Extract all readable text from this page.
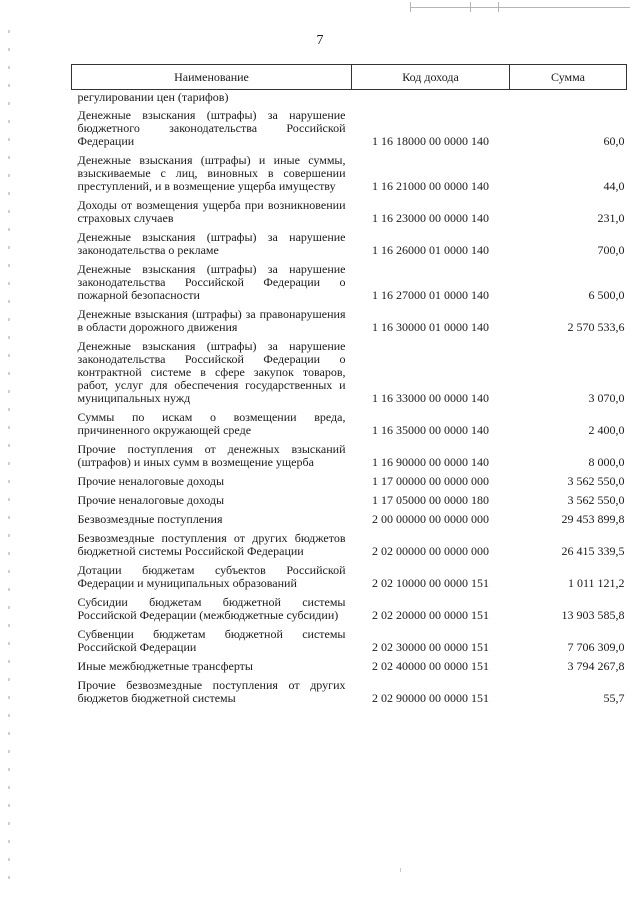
7
Наименование	Код дохода	Сумма
регулировании цен (тарифов)		
Денежные взыскания (штрафы) за нарушение бюджетного законодательства Российской Федерации	1 16 18000 00 0000 140	60,0
Денежные взыскания (штрафы) и иные суммы, взыскиваемые с лиц, виновных в совершении преступлений, и в возмещение ущерба имуществу	1 16 21000 00 0000 140	44,0
Доходы от возмещения ущерба при возникновении страховых случаев	1 16 23000 00 0000 140	231,0
Денежные взыскания (штрафы) за нарушение законодательства о рекламе	1 16 26000 01 0000 140	700,0
Денежные взыскания (штрафы) за нарушение законодательства Российской Федерации о пожарной безопасности	1 16 27000 01 0000 140	6 500,0
Денежные взыскания (штрафы) за правонарушения в области дорожного движения	1 16 30000 01 0000 140	2 570 533,6
Денежные взыскания (штрафы) за нарушение законодательства Российской Федерации о контрактной системе в сфере закупок товаров, работ, услуг для обеспечения государственных и муниципальных нужд	1 16 33000 00 0000 140	3 070,0
Суммы по искам о возмещении вреда, причиненного окружающей среде	1 16 35000 00 0000 140	2 400,0
Прочие поступления от денежных взысканий (штрафов) и иных сумм в возмещение ущерба	1 16 90000 00 0000 140	8 000,0
Прочие неналоговые доходы	1 17 00000 00 0000 000	3 562 550,0
Прочие неналоговые доходы	1 17 05000 00 0000 180	3 562 550,0
Безвозмездные поступления	2 00 00000 00 0000 000	29 453 899,8
Безвозмездные поступления от других бюджетов бюджетной системы Российской Федерации	2 02 00000 00 0000 000	26 415 339,5
Дотации бюджетам субъектов Российской Федерации и муниципальных образований	2 02 10000 00 0000 151	1 011 121,2
Субсидии бюджетам бюджетной системы Российской Федерации (межбюджетные субсидии)	2 02 20000 00 0000 151	13 903 585,8
Субвенции бюджетам бюджетной системы Российской Федерации	2 02 30000 00 0000 151	7 706 309,0
Иные межбюджетные трансферты	2 02 40000 00 0000 151	3 794 267,8
Прочие безвозмездные поступления от других бюджетов бюджетной системы	2 02 90000 00 0000 151	55,7
